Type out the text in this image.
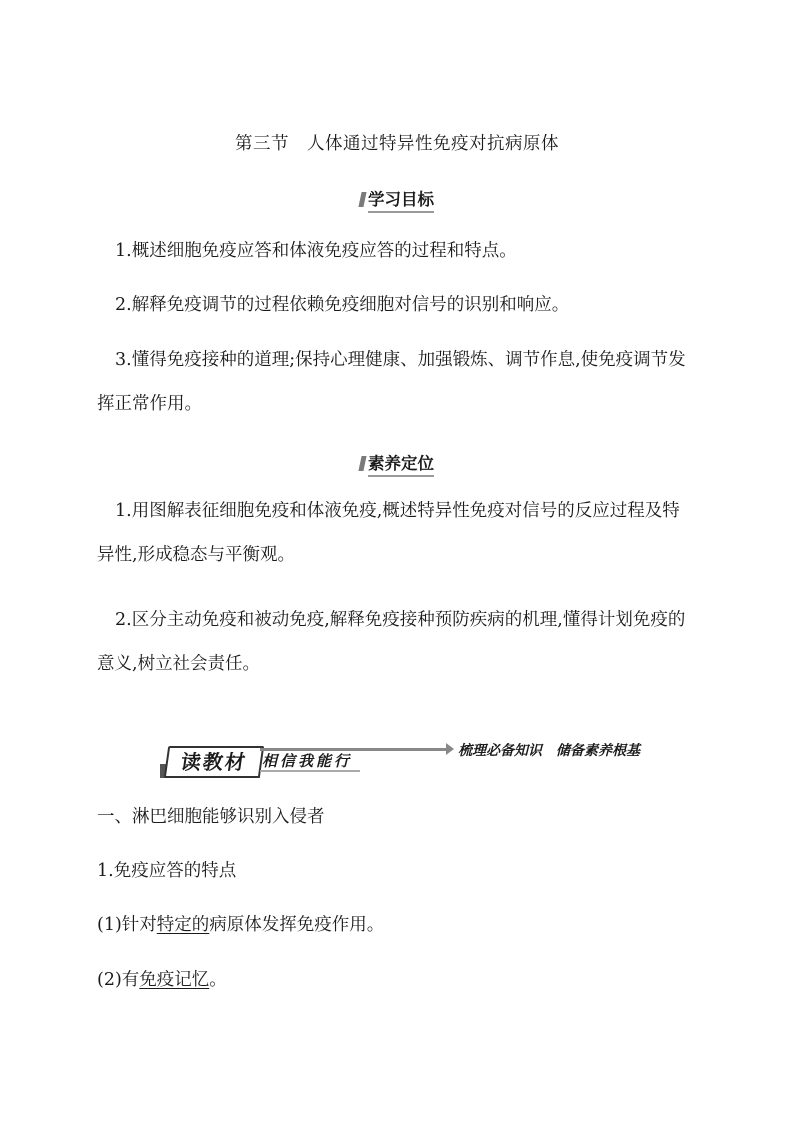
第三节　人体通过特异性免疫对抗病原体
学习目标
1.概述细胞免疫应答和体液免疫应答的过程和特点。
2.解释免疫调节的过程依赖免疫细胞对信号的识别和响应。
3.懂得免疫接种的道理;保持心理健康、加强锻炼、调节作息,使免疫调节发挥正常作用。
素养定位
1.用图解表征细胞免疫和体液免疫,概述特异性免疫对信号的反应过程及特异性,形成稳态与平衡观。
2.区分主动免疫和被动免疫,解释免疫接种预防疾病的机理,懂得计划免疫的意义,树立社会责任。
读教材 相信我能行
梳理必备知识　储备素养根基
一、淋巴细胞能够识别入侵者
1.免疫应答的特点
(1)针对特定的病原体发挥免疫作用。
(2)有免疫记忆。
